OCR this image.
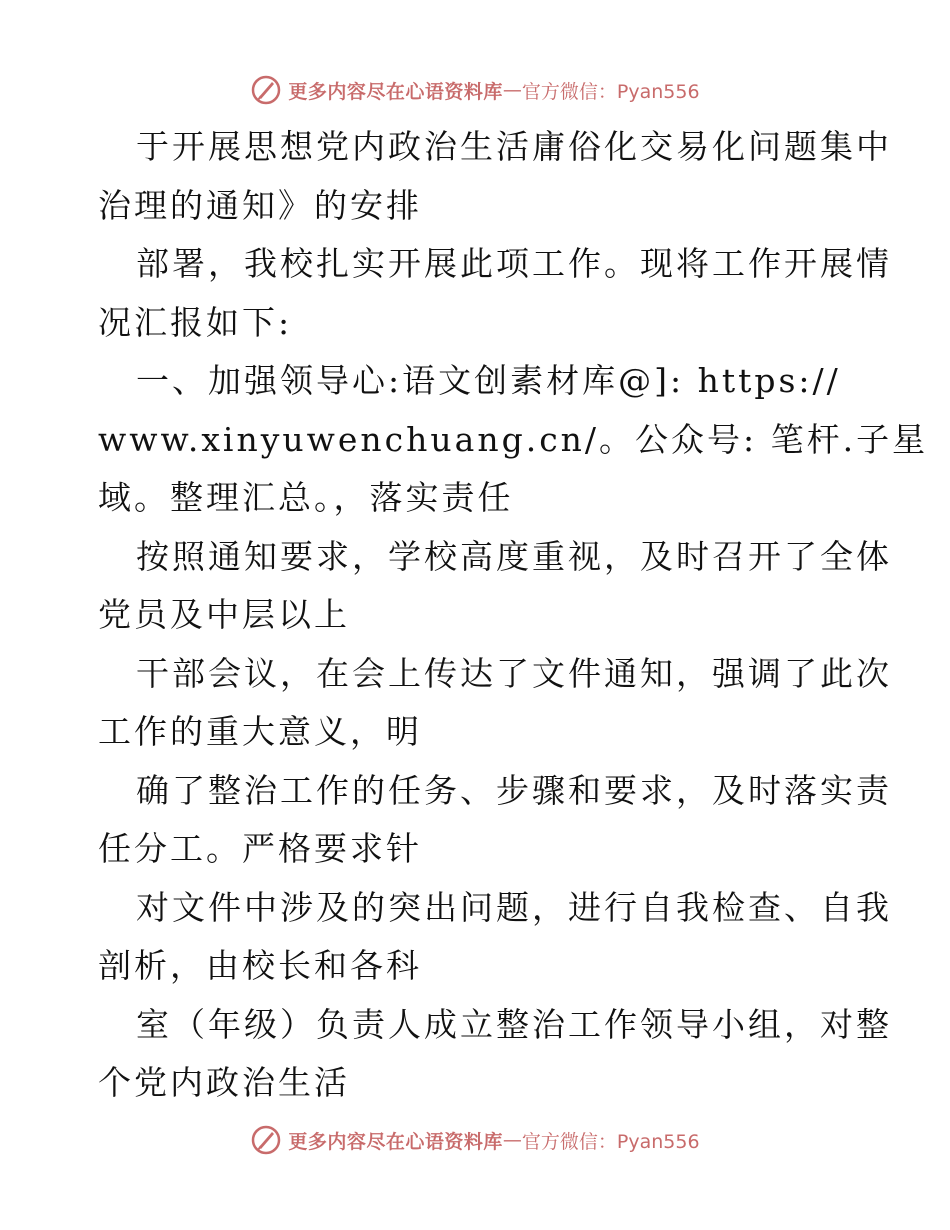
更多内容尽在心语资料库 — 官方微信：Pyan556
于开展思想党内政治生活庸俗化交易化问题集中
治理的通知》的安排
部署，我校扎实开展此项工作。现将工作开展情
况汇报如下:
一、加强领导心:语文创素材库@]: https://
www.xinyuwenchuang.cn/。公众号: 笔杆.子星
域。整理汇总。，落实责任
按照通知要求，学校高度重视，及时召开了全体
党员及中层以上
干部会议，在会上传达了文件通知，强调了此次
工作的重大意义，明
确了整治工作的任务、步骤和要求，及时落实责
任分工。严格要求针
对文件中涉及的突出问题，进行自我检查、自我
剖析，由校长和各科
室（年级）负责人成立整治工作领导小组，对整
个党内政治生活
更多内容尽在心语资料库 — 官方微信：Pyan556
